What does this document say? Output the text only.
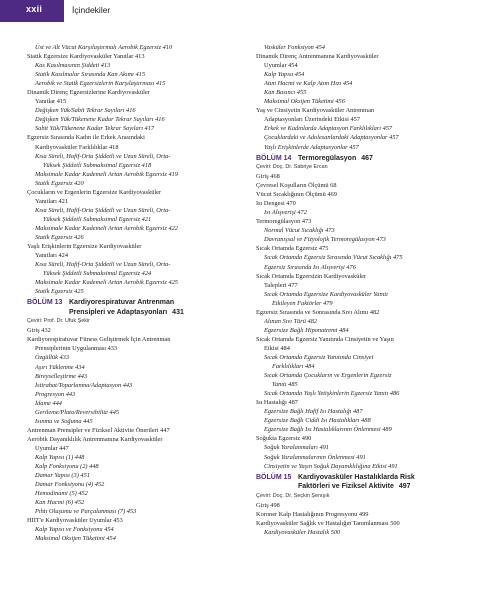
xxii	İçindekiler
Üst ve Alt Vücut Karşılaştırmalı Aerobik Egzersiz 410
Statik Egzersize Kardiyovasküler Yanıtlar 413
Kas Kasılmasının Şiddeti 413
Statik Kasılmalar Sırasında Kan Akımı 415
Aerobik ve Statik Egzersizlerin Karşılaştırması 415
Dinamik Direnç Egzersizlerine Kardiyovasküler
Yanıtlar 415
Değişken Yük/Sabit Tekrar Sayıları 416
Değişken Yük/Tükenene Kadar Tekrar Sayıları 416
Sabit Yük/Tükenene Kadar Tekrar Sayıları 417
Egzersiz Sırasında Kadın ile Erkek Arasındaki
Kardiyovasküler Farklılıklar 418
Kısa Süreli, Hafif-Orta Şiddetli ve Uzun Süreli, Orta-
Yüksek Şiddetli Submaksimal Egzersiz 418
Maksimale Kadar Kademeli Artan Aerobik Egzersiz 419
Statik Egzersiz 420
Çocukların ve Ergenlerin Egzersize Kardiyovasküler
Yanıtları 421
Kısa Süreli, Hafif-Orta Şiddetli ve Uzun Süreli, Orta-
Yüksek Şiddetli Submaksimal Egzersiz 421
Maksimale Kadar Kademeli Artan Aerobik Egzersiz 422
Statik Egzersiz 426
Yaşlı Erişkinlerin Egzersize Kardiyovasküler
Yanıtları 424
Kısa Süreli, Hafif-Orta Şiddetli ve Uzun Süreli, Orta-
Yüksek Şiddetli Submaksimal Egzersiz 424
Maksimale Kadar Kademeli Artan Aerobik Egzersiz 425
Statik Egzersiz 425
BÖLÜM 13 Kardiyorespiratuvar Antrenman
Prensipleri ve Adaptasyonları 431
Çeviri: Prof. Dr. Ufuk Şekir
Giriş 432
Kardiyorespiratuvar Fitness Geliştirmek İçin Antrenman
Prensiplerinin Uygulanması 433
Özgüllük 433
Aşırı Yüklenme 434
Bireyselleştirme 443
İstirahat/Toparlanma/Adaptasyon 443
Progresyon 443
İdame 444
Gerileme/Plato/Reversibilite 445
Isınma ve Soğuma 445
Antrenman Prensipler ve Fiziksel Aktivite Önerileri 447
Aerobik Dayanıklılık Antrenmanına Kardiyovasküler
Uyumlar 447
Kalp Yapısı (1) 448
Kalp Fonksiyonu (2) 448
Damar Yapısı (3) 451
Damar Fonksiyonu (4) 452
Hemodinami (5) 452
Kan Hacmi (6) 452
Pıhtı Oluşumu ve Parçalanması (7) 453
HIIT'e Kardiyovasküler Uyumlar 453
Kalp Yapısı ve Fonksiyonu 454
Maksimal Oksijen Tüketimi 454
Vasküler Fonksiyon 454
Dinamik Direnç Antrenmanına Kardiyovasküler
Uyumlar 454
Kalp Yapısı 454
Atım Hacmi ve Kalp Atım Hızı 454
Kan Basıncı 455
Maksimal Oksijen Tüketimi 456
Yaş ve Cinsiyetin Kardiyovasküler Antrenman
Adaptasyonları Üzerindeki Etkisi 457
Erkek ve Kadınlarda Adaptasyon Farklılıkları 457
Çocuklardaki ve Adolesanlardaki Adaptasyonlar 457
Yaşlı Erişkinlerde Adaptasyonlar 457
BÖLÜM 14 Termoregülasyon 467
Çeviri: Doç. Dr. Sabriye Ercan
Giriş 468
Çevresel Koşulların Ölçümü 68
Vücut Sıcaklığının Ölçümü 469
Isı Dengesi 470
Isı Alışverişi 472
Termoregülasyon 473
Normal Vücut Sıcaklığı 473
Davranışsal ve Fizyolojik Termoregülasyon 473
Sıcak Ortamda Egzersiz 475
Sıcak Ortamda Egzersiz Sırasında Vücut Sıcaklığı 475
Egzersiz Sırasında Isı Alışverişi 476
Sıcak Ortamda Egzersizin Kardiyovasküler
Talepleri 477
Sıcak Ortamda Egzersize Kardiyovasküler Yanıtı
Etkileyen Faktörler 479
Egzersiz Sırasında ve Sonrasında Sıvı Alımı 482
Alınan Sıvı Türü 482
Egzersize Bağlı Hiponatremi 484
Sıcak Ortamda Egzersiz Yanıtında Cinsiyetin ve Yaşın
Etkisi 484
Sıcak Ortamda Egzersiz Yanıtında Cinsiyet
Farklılıkları 484
Sıcak Ortamda Çocukların ve Ergenlerin Egzersiz
Yanıtı 485
Sıcak Ortamda Yaşlı Yetişkinlerin Egzersiz Yanıtı 486
Isı Hastalığı 487
Egzersize Bağlı Hafif Isı Hastalığı 487
Egzersize Bağlı Ciddi Isı Hastalıkları 488
Egzersize Bağlı Isı Hastalıklarının Önlenmesi 489
Soğukta Egzersiz 490
Soğuk Yaralanmaları 491
Soğuk Yaralanmalarının Önlenmesi 491
Cinsiyetin ve Yaşın Soğuk Dayanıklılığına Etkisi 491
BÖLÜM 15 Kardiyovasküler Hastalıklarda Risk
Faktörleri ve Fiziksel Aktivite 497
Çeviri: Doç. Dr. Seçkin Şenışık
Giriş 498
Koroner Kalp Hastalığının Progresyonu 499
Kardiyovasküler Sağlık ve Hastalığın Tanımlanması 500
Kardiyovasküler Hastalık 500
